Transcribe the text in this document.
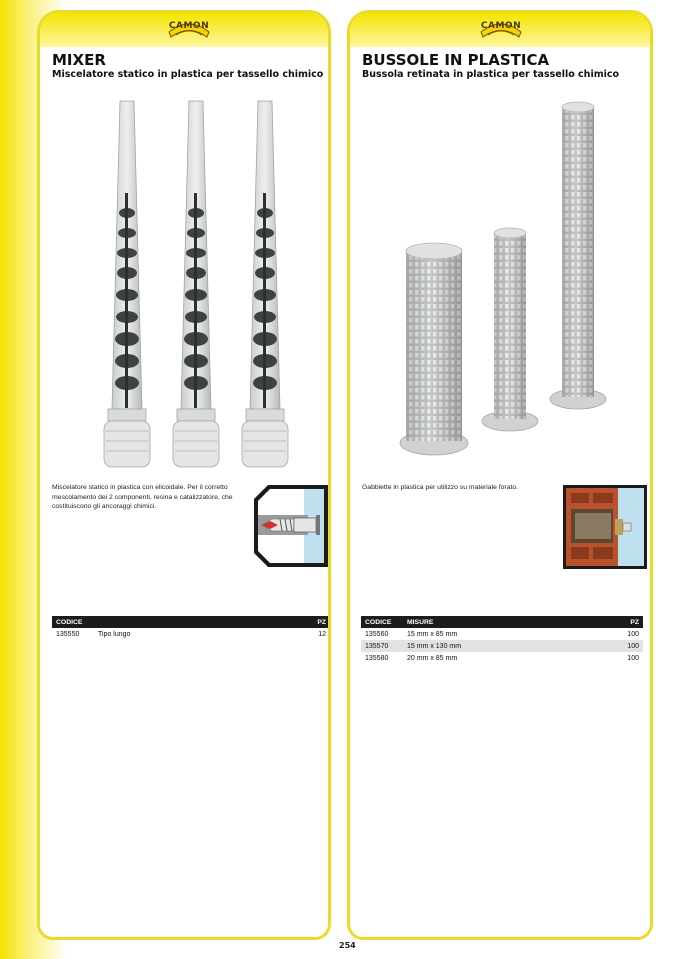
CAMON
MIXER
Miscelatore statico in plastica per tassello chimico
Miscelatore statico in plastica con elicoidale. Per il corretto mescolamento dei 2 componenti, resina e catalizzatore, che costituiscono gli ancoraggi chimici.
CODICE		PZ
135550	Tipo lungo	12
CAMON
BUSSOLE IN PLASTICA
Bussola retinata in plastica per tassello chimico
Gabbiette in plastica per utilizzo su materiale forato.
CODICE	MISURE	PZ
135560	15 mm x 85 mm	100
135570	15 mm x 130 mm	100
135580	20 mm x 85 mm	100
254
